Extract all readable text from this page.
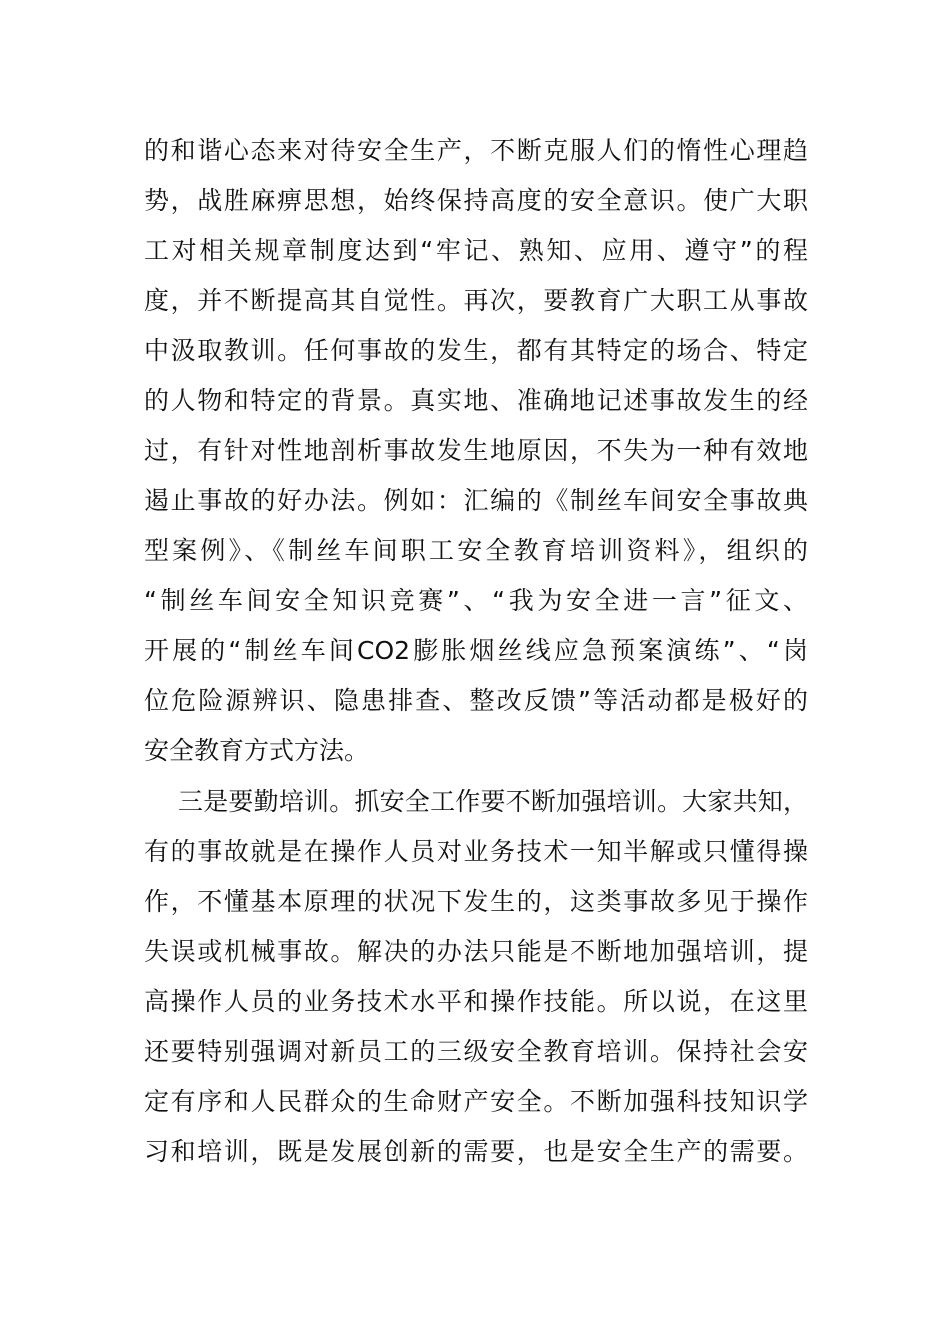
的和谐心态来对待安全生产，不断克服人们的惰性心理趋
势，战胜麻痹思想，始终保持高度的安全意识。使广大职
工对相关规章制度达到“牢记、熟知、应用、遵守”的程
度，并不断提高其自觉性。再次，要教育广大职工从事故
中汲取教训。任何事故的发生，都有其特定的场合、特定
的人物和特定的背景。真实地、准确地记述事故发生的经
过，有针对性地剖析事故发生地原因，不失为一种有效地
遏止事故的好办法。例如：汇编的《制丝车间安全事故典
型案例》、《制丝车间职工安全教育培训资料》，组织的
“制丝车间安全知识竞赛”、“我为安全进一言”征文、
开展的“制丝车间CO2膨胀烟丝线应急预案演练”、“岗
位危险源辨识、隐患排查、整改反馈”等活动都是极好的
安全教育方式方法。
三是要勤培训。抓安全工作要不断加强培训。大家共知，
有的事故就是在操作人员对业务技术一知半解或只懂得操
作，不懂基本原理的状况下发生的，这类事故多见于操作
失误或机械事故。解决的办法只能是不断地加强培训，提
高操作人员的业务技术水平和操作技能。所以说，在这里
还要特别强调对新员工的三级安全教育培训。保持社会安
定有序和人民群众的生命财产安全。不断加强科技知识学
习和培训，既是发展创新的需要，也是安全生产的需要。
